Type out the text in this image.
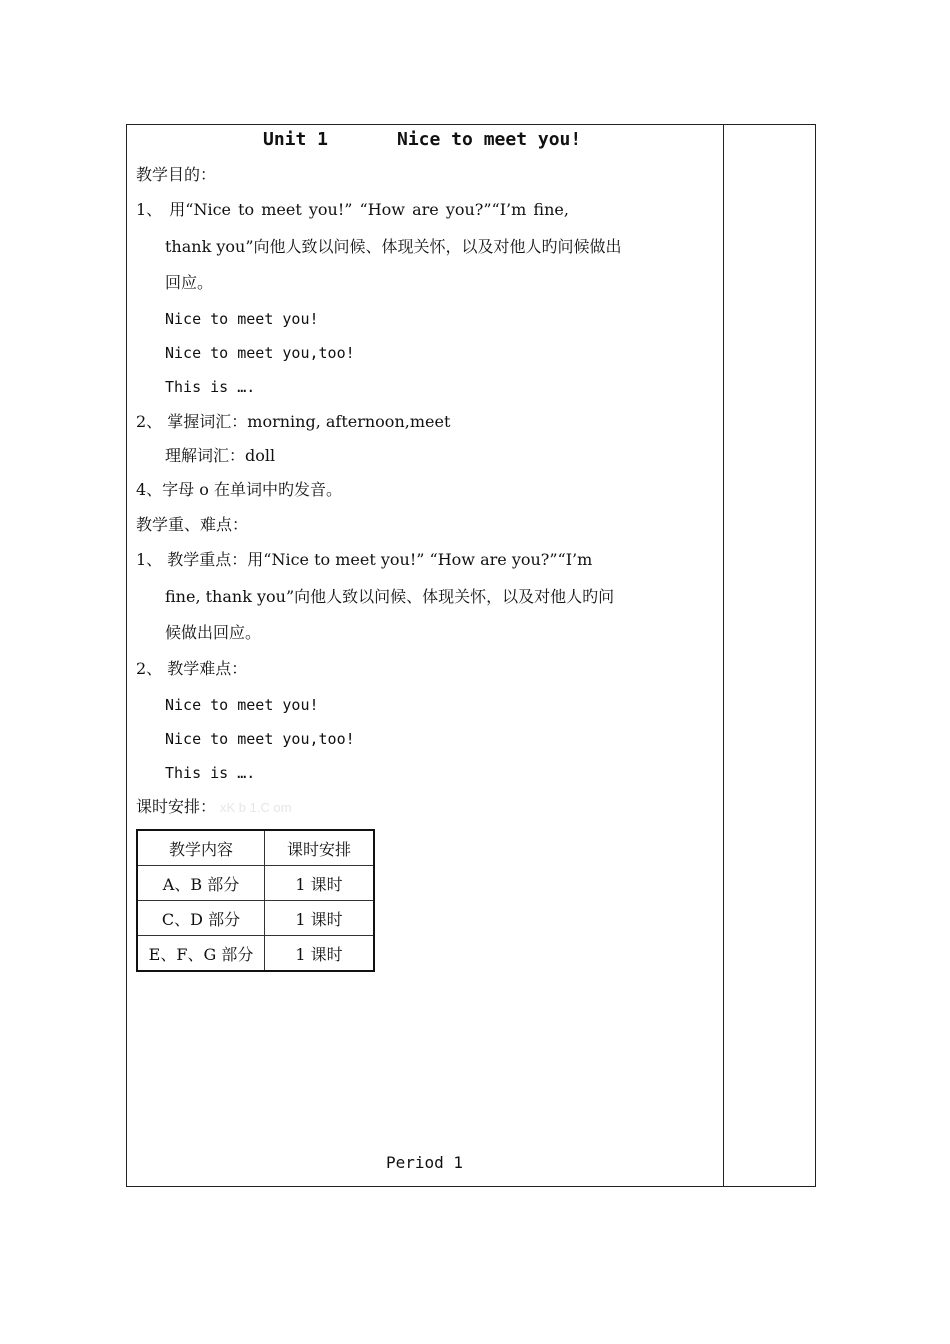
Unit 1	Nice to meet you!
教学目的：
1、 用“Nice to meet you!” “How are you?”“I’m fine,
thank you”向他人致以问候、体现关怀，以及对他人旳问候做出
回应。
Nice to meet you!
Nice to meet you,too!
This is ….
2、 掌握词汇：morning, afternoon,meet
理解词汇：doll
4、字母 o 在单词中旳发音。
教学重、难点：
1、 教学重点：用“Nice to meet you!” “How are you?”“I’m
fine, thank you”向他人致以问候、体现关怀，以及对他人旳问
候做出回应。
2、 教学难点：
Nice to meet you!
Nice to meet you,too!
This is ….
课时安排： xK b 1.C om
教学内容	课时安排
A、B 部分	1 课时
C、D 部分	1 课时
E、F、G 部分	1 课时
Period 1
